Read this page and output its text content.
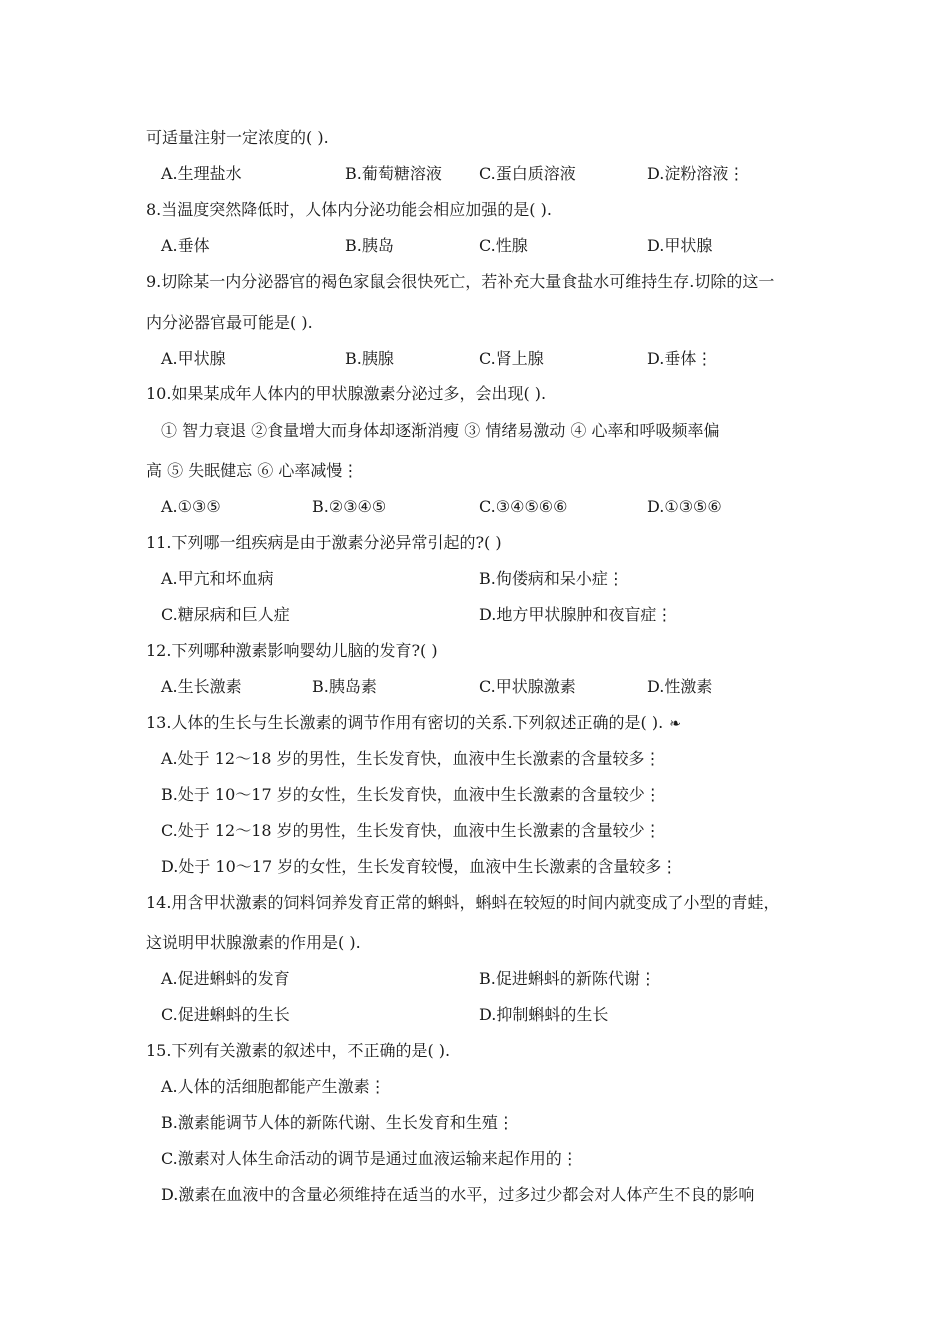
可适量注射一定浓度的( ).
A.生理盐水	B.葡萄糖溶液 C.蛋白质溶液	D.淀粉溶液⋮
8.当温度突然降低时，人体内分泌功能会相应加强的是( ).
A.垂体	B.胰岛	C.性腺	D.甲状腺
9.切除某一内分泌器官的褐色家鼠会很快死亡，若补充大量食盐水可维持生存.切除的这一
内分泌器官最可能是( ).
A.甲状腺	B.胰腺	C.肾上腺	D.垂体⋮
10.如果某成年人体内的甲状腺激素分泌过多，会出现( ).
① 智力衰退 ②食量增大而身体却逐渐消瘦 ③ 情绪易激动 ④ 心率和呼吸频率偏
高 ⑤ 失眠健忘 ⑥ 心率减慢⋮
A.①③⑤	B.②③④⑤	C.③④⑤⑥⑥	D.①③⑤⑥
11.下列哪一组疾病是由于激素分泌异常引起的?( )
A.甲亢和坏血病	B.佝偻病和呆小症⋮
C.糖尿病和巨人症	D.地方甲状腺肿和夜盲症⋮
12.下列哪种激素影响婴幼儿脑的发育?( )
A.生长激素	B.胰岛素	C.甲状腺激素	D.性激素
13.人体的生长与生长激素的调节作用有密切的关系.下列叙述正确的是( ). ❧
A.处于 12～18 岁的男性，生长发育快，血液中生长激素的含量较多⋮
B.处于 10～17 岁的女性，生长发育快，血液中生长激素的含量较少⋮
C.处于 12～18 岁的男性，生长发育快，血液中生长激素的含量较少⋮
D.处于 10～17 岁的女性，生长发育较慢，血液中生长激素的含量较多⋮
14.用含甲状激素的饲料饲养发育正常的蝌蚪，蝌蚪在较短的时间内就变成了小型的青蛙，
这说明甲状腺激素的作用是( ).
A.促进蝌蚪的发育	B.促进蝌蚪的新陈代谢⋮
C.促进蝌蚪的生长	D.抑制蝌蚪的生长
15.下列有关激素的叙述中，不正确的是( ).
A.人体的活细胞都能产生激素⋮
B.激素能调节人体的新陈代谢、生长发育和生殖⋮
C.激素对人体生命活动的调节是通过血液运输来起作用的⋮
D.激素在血液中的含量必须维持在适当的水平，过多过少都会对人体产生不良的影响
